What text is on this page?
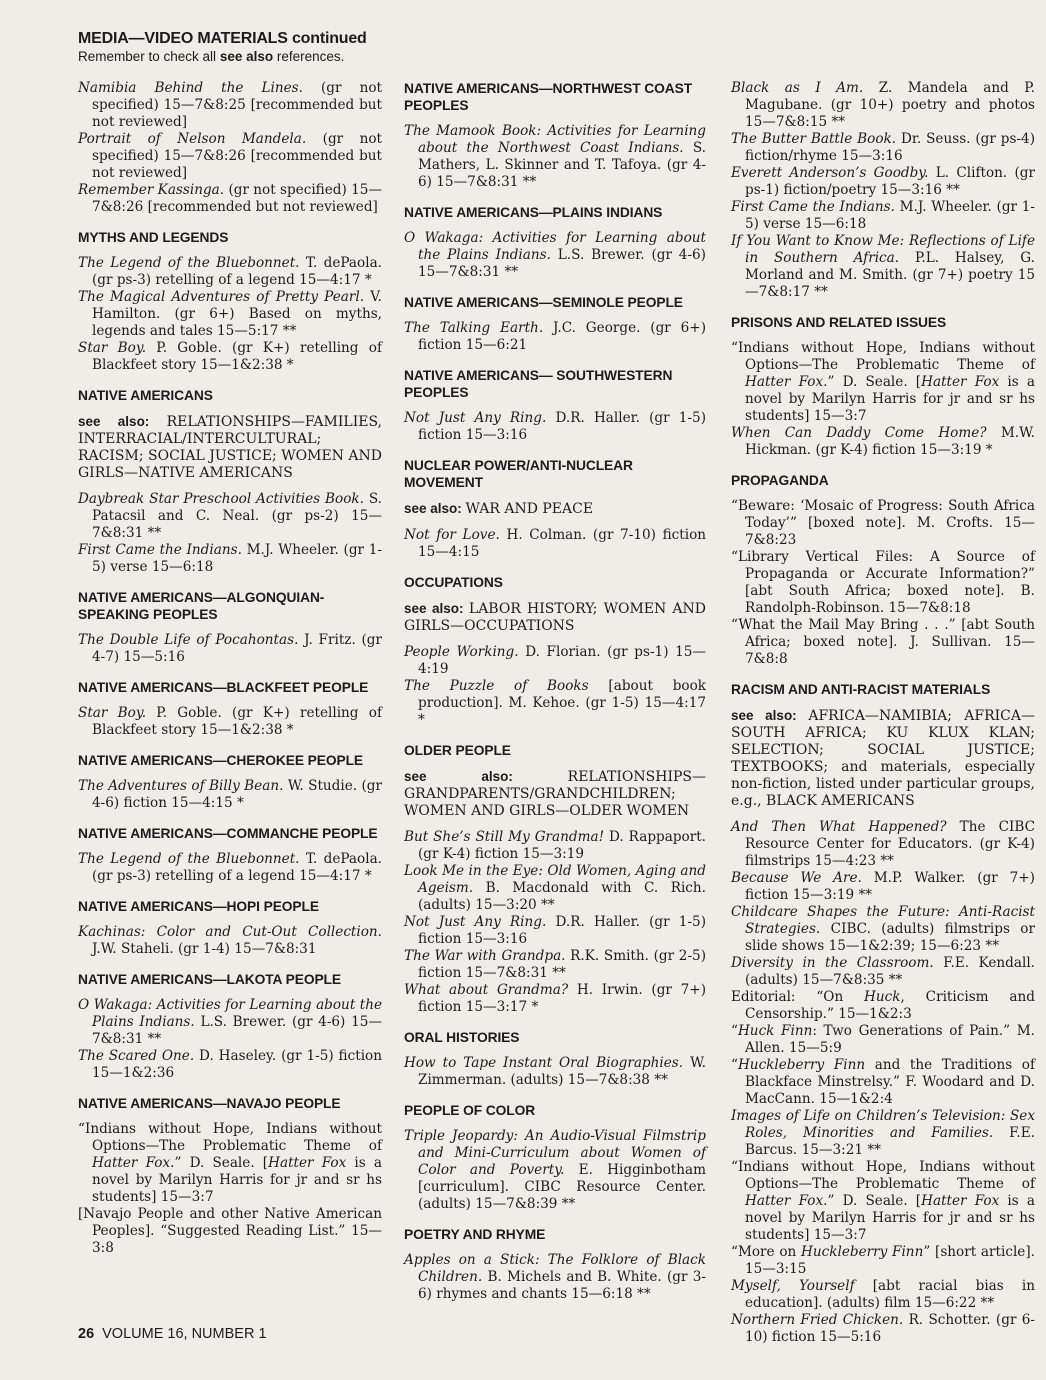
MEDIA—VIDEO MATERIALS continued
Remember to check all see also references.
Namibia Behind the Lines. (gr not specified) 15—7&8:25 [recommended but not reviewed]
Portrait of Nelson Mandela. (gr not specified) 15—7&8:26 [recommended but not reviewed]
Remember Kassinga. (gr not specified) 15—7&8:26 [recommended but not reviewed]
MYTHS AND LEGENDS
The Legend of the Bluebonnet. T. dePaola. (gr ps-3) retelling of a legend 15—4:17 *
The Magical Adventures of Pretty Pearl. V. Hamilton. (gr 6+) Based on myths, legends and tales 15—5:17 **
Star Boy. P. Goble. (gr K+) retelling of Blackfeet story 15—1&2:38 *
NATIVE AMERICANS
see also: RELATIONSHIPS—FAMILIES, INTERRACIAL/INTERCULTURAL; RACISM; SOCIAL JUSTICE; WOMEN AND GIRLS—NATIVE AMERICANS
Daybreak Star Preschool Activities Book. S. Patacsil and C. Neal. (gr ps-2) 15—7&8:31 **
First Came the Indians. M.J. Wheeler. (gr 1-5) verse 15—6:18
NATIVE AMERICANS—ALGONQUIAN-SPEAKING PEOPLES
The Double Life of Pocahontas. J. Fritz. (gr 4-7) 15—5:16
NATIVE AMERICANS—BLACKFEET PEOPLE
Star Boy. P. Goble. (gr K+) retelling of Blackfeet story 15—1&2:38 *
NATIVE AMERICANS—CHEROKEE PEOPLE
The Adventures of Billy Bean. W. Studie. (gr 4-6) fiction 15—4:15 *
NATIVE AMERICANS—COMMANCHE PEOPLE
The Legend of the Bluebonnet. T. dePaola. (gr ps-3) retelling of a legend 15—4:17 *
NATIVE AMERICANS—HOPI PEOPLE
Kachinas: Color and Cut-Out Collection. J.W. Staheli. (gr 1-4) 15—7&8:31
NATIVE AMERICANS—LAKOTA PEOPLE
O Wakaga: Activities for Learning about the Plains Indians. L.S. Brewer. (gr 4-6) 15—7&8:31 **
The Scared One. D. Haseley. (gr 1-5) fiction 15—1&2:36
NATIVE AMERICANS—NAVAJO PEOPLE
“Indians without Hope, Indians without Options—The Problematic Theme of Hatter Fox.” D. Seale. [Hatter Fox is a novel by Marilyn Harris for jr and sr hs students] 15—3:7
[Navajo People and other Native American Peoples]. “Suggested Reading List.” 15—3:8
NATIVE AMERICANS—NORTHWEST COAST PEOPLES
The Mamook Book: Activities for Learning about the Northwest Coast Indians. S. Mathers, L. Skinner and T. Tafoya. (gr 4-6) 15—7&8:31 **
NATIVE AMERICANS—PLAINS INDIANS
O Wakaga: Activities for Learning about the Plains Indians. L.S. Brewer. (gr 4-6) 15—7&8:31 **
NATIVE AMERICANS—SEMINOLE PEOPLE
The Talking Earth. J.C. George. (gr 6+) fiction 15—6:21
NATIVE AMERICANS— SOUTHWESTERN PEOPLES
Not Just Any Ring. D.R. Haller. (gr 1-5) fiction 15—3:16
NUCLEAR POWER/ANTI-NUCLEAR MOVEMENT
see also: WAR AND PEACE
Not for Love. H. Colman. (gr 7-10) fiction 15—4:15
OCCUPATIONS
see also: LABOR HISTORY; WOMEN AND GIRLS—OCCUPATIONS
People Working. D. Florian. (gr ps-1) 15—4:19
The Puzzle of Books [about book production]. M. Kehoe. (gr 1-5) 15—4:17 *
OLDER PEOPLE
see also: RELATIONSHIPS—GRANDPARENTS/GRANDCHILDREN; WOMEN AND GIRLS—OLDER WOMEN
But She’s Still My Grandma! D. Rappaport. (gr K-4) fiction 15—3:19
Look Me in the Eye: Old Women, Aging and Ageism. B. Macdonald with C. Rich. (adults) 15—3:20 **
Not Just Any Ring. D.R. Haller. (gr 1-5) fiction 15—3:16
The War with Grandpa. R.K. Smith. (gr 2-5) fiction 15—7&8:31 **
What about Grandma? H. Irwin. (gr 7+) fiction 15—3:17 *
ORAL HISTORIES
How to Tape Instant Oral Biographies. W. Zimmerman. (adults) 15—7&8:38 **
PEOPLE OF COLOR
Triple Jeopardy: An Audio-Visual Filmstrip and Mini-Curriculum about Women of Color and Poverty. E. Higginbotham [curriculum]. CIBC Resource Center. (adults) 15—7&8:39 **
POETRY AND RHYME
Apples on a Stick: The Folklore of Black Children. B. Michels and B. White. (gr 3-6) rhymes and chants 15—6:18 **
Black as I Am. Z. Mandela and P. Magubane. (gr 10+) poetry and photos 15—7&8:15 **
The Butter Battle Book. Dr. Seuss. (gr ps-4) fiction/rhyme 15—3:16
Everett Anderson’s Goodby. L. Clifton. (gr ps-1) fiction/poetry 15—3:16 **
First Came the Indians. M.J. Wheeler. (gr 1-5) verse 15—6:18
If You Want to Know Me: Reflections of Life in Southern Africa. P.L. Halsey, G. Morland and M. Smith. (gr 7+) poetry 15—7&8:17 **
PRISONS AND RELATED ISSUES
“Indians without Hope, Indians without Options—The Problematic Theme of Hatter Fox.” D. Seale. [Hatter Fox is a novel by Marilyn Harris for jr and sr hs students] 15—3:7
When Can Daddy Come Home? M.W. Hickman. (gr K-4) fiction 15—3:19 *
PROPAGANDA
“Beware: ‘Mosaic of Progress: South Africa Today’” [boxed note]. M. Crofts. 15—7&8:23
“Library Vertical Files: A Source of Propaganda or Accurate Information?” [abt South Africa; boxed note]. B. Randolph-Robinson. 15—7&8:18
“What the Mail May Bring . . .” [abt South Africa; boxed note]. J. Sullivan. 15—7&8:8
RACISM AND ANTI-RACIST MATERIALS
see also: AFRICA—NAMIBIA; AFRICA—SOUTH AFRICA; KU KLUX KLAN; SELECTION; SOCIAL JUSTICE; TEXTBOOKS; and materials, especially non-fiction, listed under particular groups, e.g., BLACK AMERICANS
And Then What Happened? The CIBC Resource Center for Educators. (gr K-4) filmstrips 15—4:23 **
Because We Are. M.P. Walker. (gr 7+) fiction 15—3:19 **
Childcare Shapes the Future: Anti-Racist Strategies. CIBC. (adults) filmstrips or slide shows 15—1&2:39; 15—6:23 **
Diversity in the Classroom. F.E. Kendall. (adults) 15—7&8:35 **
Editorial: “On Huck, Criticism and Censorship.” 15—1&2:3
“Huck Finn: Two Generations of Pain.” M. Allen. 15—5:9
“Huckleberry Finn and the Traditions of Blackface Minstrelsy.” F. Woodard and D. MacCann. 15—1&2:4
Images of Life on Children’s Television: Sex Roles, Minorities and Families. F.E. Barcus. 15—3:21 **
“Indians without Hope, Indians without Options—The Problematic Theme of Hatter Fox.” D. Seale. [Hatter Fox is a novel by Marilyn Harris for jr and sr hs students] 15—3:7
“More on Huckleberry Finn” [short article]. 15—3:15
Myself, Yourself [abt racial bias in education]. (adults) film 15—6:22 **
Northern Fried Chicken. R. Schotter. (gr 6-10) fiction 15—5:16
26 VOLUME 16, NUMBER 1
